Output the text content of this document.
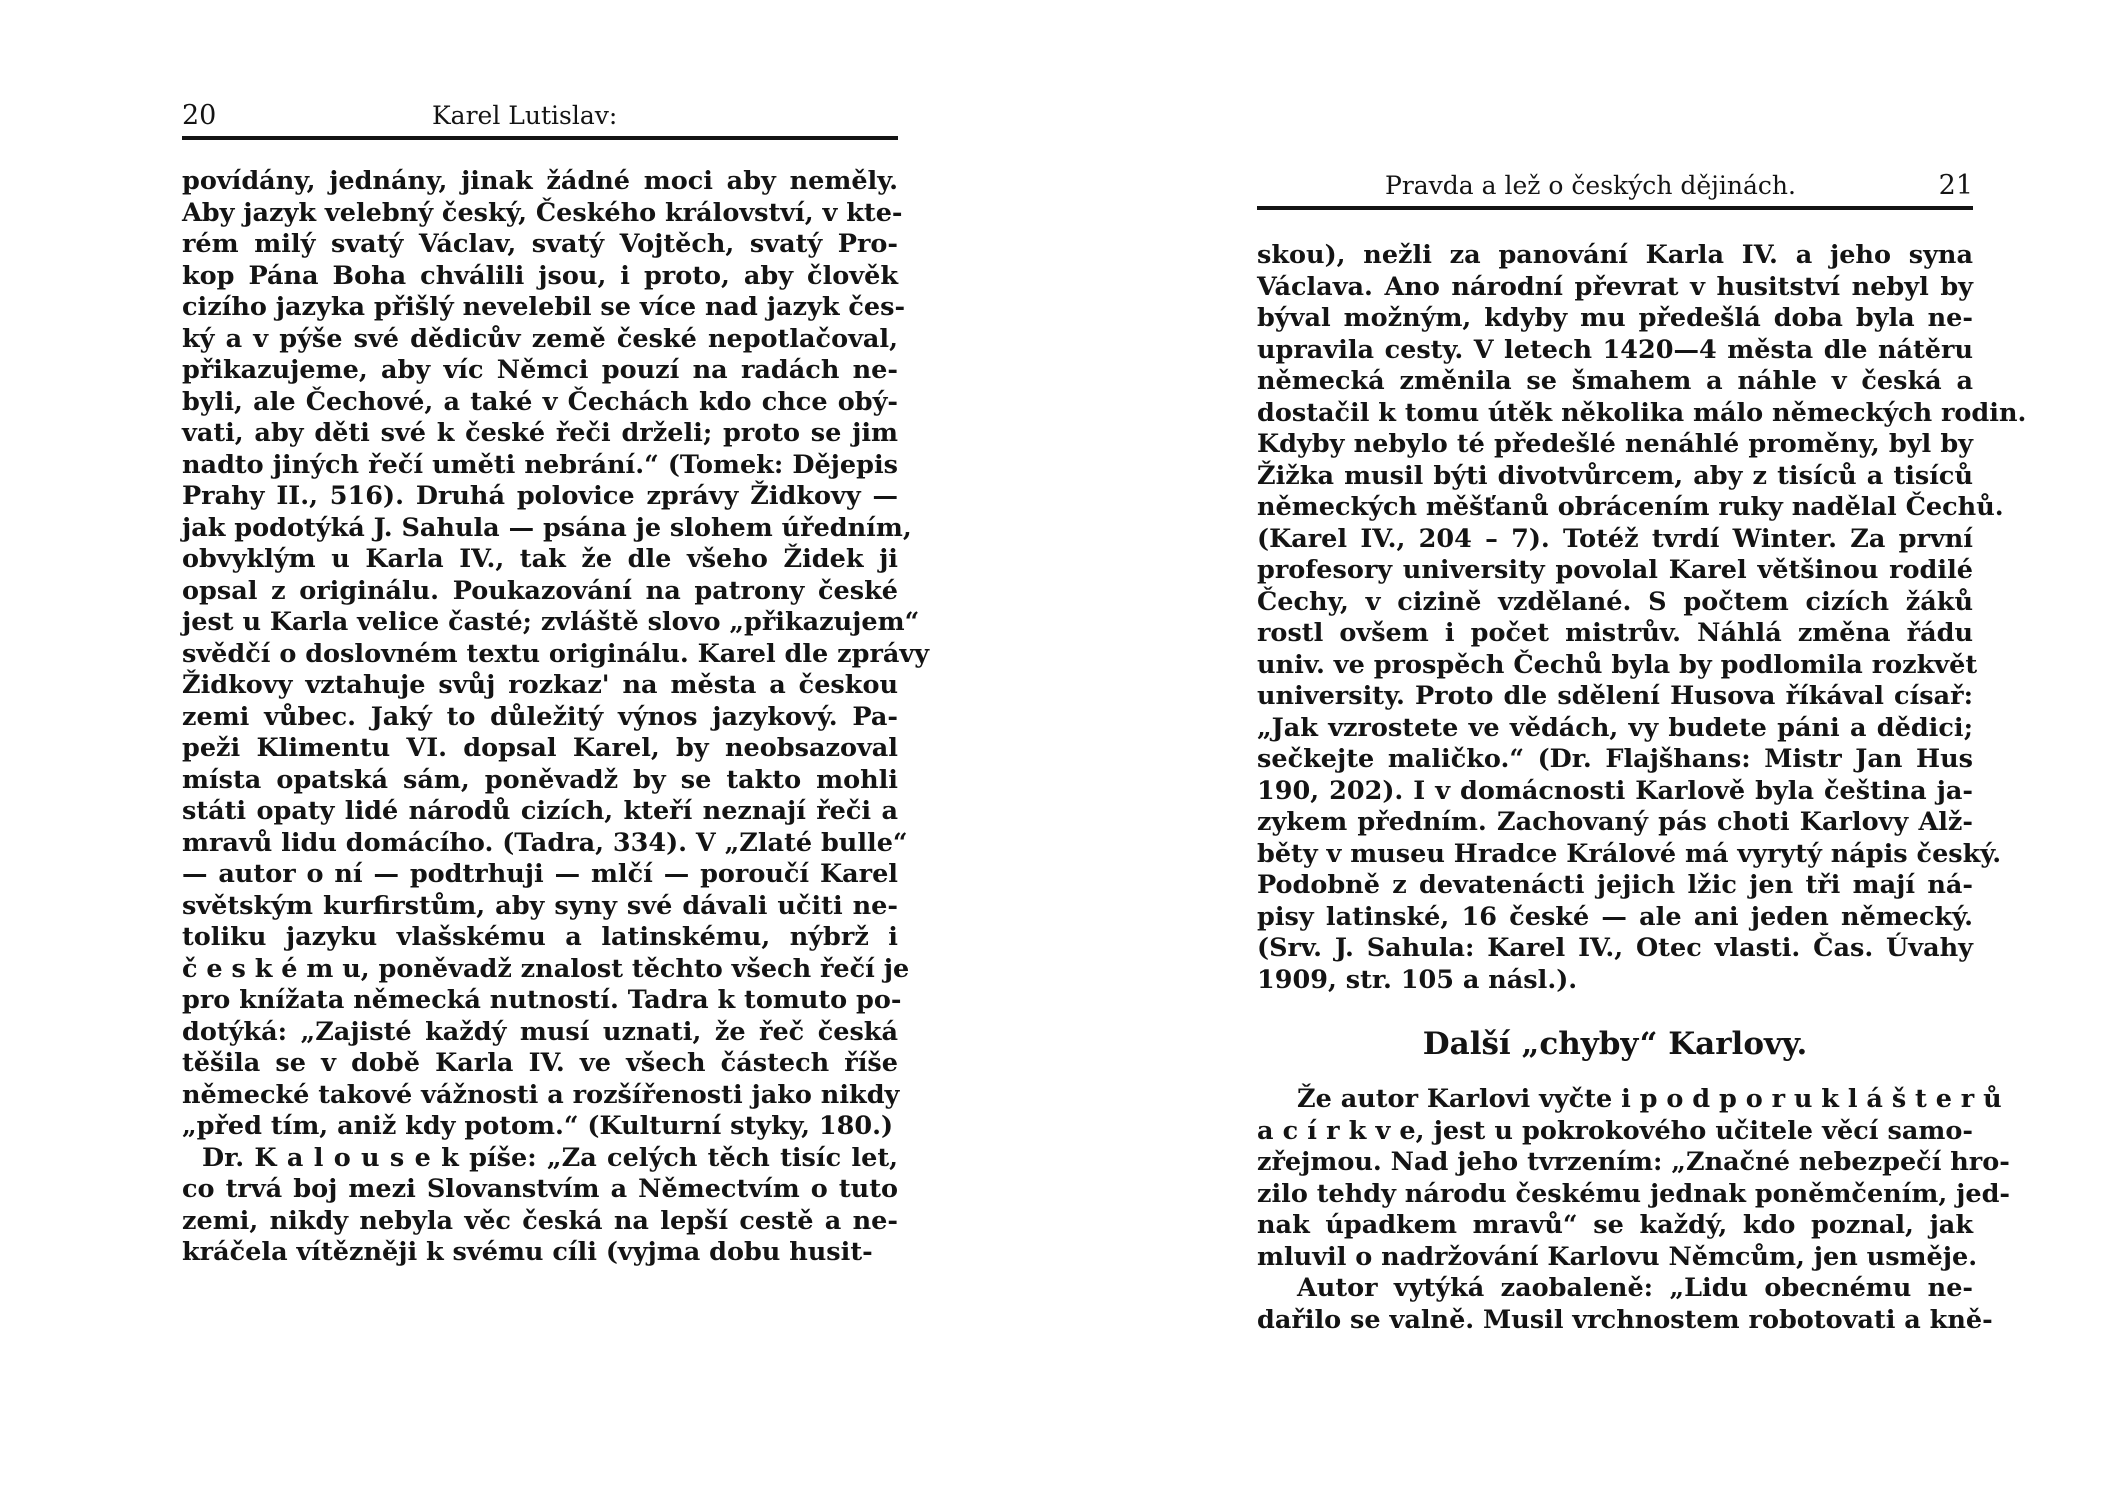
20	Karel Lutislav:
povídány, jednány, jinak žádné moci aby neměly.
Aby jazyk velebný český, Českého království, v kte-
rém milý svatý Václav, svatý Vojtěch, svatý Pro-
kop Pána Boha chválili jsou, i proto, aby člověk
cizího jazyka přišlý nevelebil se více nad jazyk čes-
ký a v pýše své dědicův země české nepotlačoval,
přikazujeme, aby víc Němci pouzí na radách ne-
byli, ale Čechové, a také v Čechách kdo chce obý-
vati, aby děti své k české řeči drželi; proto se jim
nadto jiných řečí uměti nebrání.“ (Tomek: Dějepis
Prahy II., 516). Druhá polovice zprávy Židkovy —
jak podotýká J. Sahula — psána je slohem úředním,
obvyklým u Karla IV., tak že dle všeho Židek ji
opsal z originálu. Poukazování na patrony české
jest u Karla velice časté; zvláště slovo „přikazujem“
svědčí o doslovném textu originálu. Karel dle zprávy
Židkovy vztahuje svůj rozkaz' na města a českou
zemi vůbec. Jaký to důležitý výnos jazykový. Pa-
peži Klimentu VI. dopsal Karel, by neobsazoval
místa opatská sám, poněvadž by se takto mohli
státi opaty lidé národů cizích, kteří neznají řeči a
mravů lidu domácího. (Tadra, 334). V „Zlaté bulle“
— autor o ní — podtrhuji — mlčí — poroučí Karel
světským kurfirstům, aby syny své dávali učiti ne-
toliku jazyku vlašskému a latinskému, nýbrž i
č e s k é m u, poněvadž znalost těchto všech řečí je
pro knížata německá nutností. Tadra k tomuto po-
dotýká: „Zajisté každý musí uznati, že řeč česká
těšila se v době Karla IV. ve všech částech říše
německé takové vážnosti a rozšířenosti jako nikdy
„před tím, aniž kdy potom.“ (Kulturní styky, 180.)
Dr. K a l o u s e k píše: „Za celých těch tisíc let,
co trvá boj mezi Slovanstvím a Němectvím o tuto
zemi, nikdy nebyla věc česká na lepší cestě a ne-
kráčela vítězněji k svému cíli (vyjma dobu husit-
Pravda a lež o českých dějinách.	21
skou), nežli za panování Karla IV. a jeho syna
Václava. Ano národní převrat v husitství nebyl by
býval možným, kdyby mu předešlá doba byla ne-
upravila cesty. V letech 1420—4 města dle nátěru
německá změnila se šmahem a náhle v česká a
dostačil k tomu útěk několika málo německých rodin.
Kdyby nebylo té předešlé nenáhlé proměny, byl by
Žižka musil býti divotvůrcem, aby z tisíců a tisíců
německých měšťanů obrácením ruky nadělal Čechů.
(Karel IV., 204 – 7). Totéž tvrdí Winter. Za první
profesory university povolal Karel většinou rodilé
Čechy, v cizině vzdělané. S počtem cizích žáků
rostl ovšem i počet mistrův. Náhlá změna řádu
univ. ve prospěch Čechů byla by podlomila rozkvět
university. Proto dle sdělení Husova říkával císař:
„Jak vzrostete ve vědách, vy budete páni a dědici;
sečkejte maličko.“ (Dr. Flajšhans: Mistr Jan Hus
190, 202). I v domácnosti Karlově byla čeština ja-
zykem předním. Zachovaný pás choti Karlovy Alž-
běty v museu Hradce Králové má vyrytý nápis český.
Podobně z devatenácti jejich lžic jen tři mají ná-
pisy latinské, 16 české — ale ani jeden německý.
(Srv. J. Sahula: Karel IV., Otec vlasti. Čas. Úvahy
1909, str. 105 a násl.).
Další „chyby“ Karlovy.
Že autor Karlovi vyčte i p o d p o r u k l á š t e r ů
a c í r k v e, jest u pokrokového učitele věcí samo-
zřejmou. Nad jeho tvrzením: „Značné nebezpečí hro-
zilo tehdy národu českému jednak poněmčením, jed-
nak úpadkem mravů“ se každý, kdo poznal, jak
mluvil o nadržování Karlovu Němcům, jen usměje.
Autor vytýká zaobaleně: „Lidu obecnému ne-
dařilo se valně. Musil vrchnostem robotovati a kně-
